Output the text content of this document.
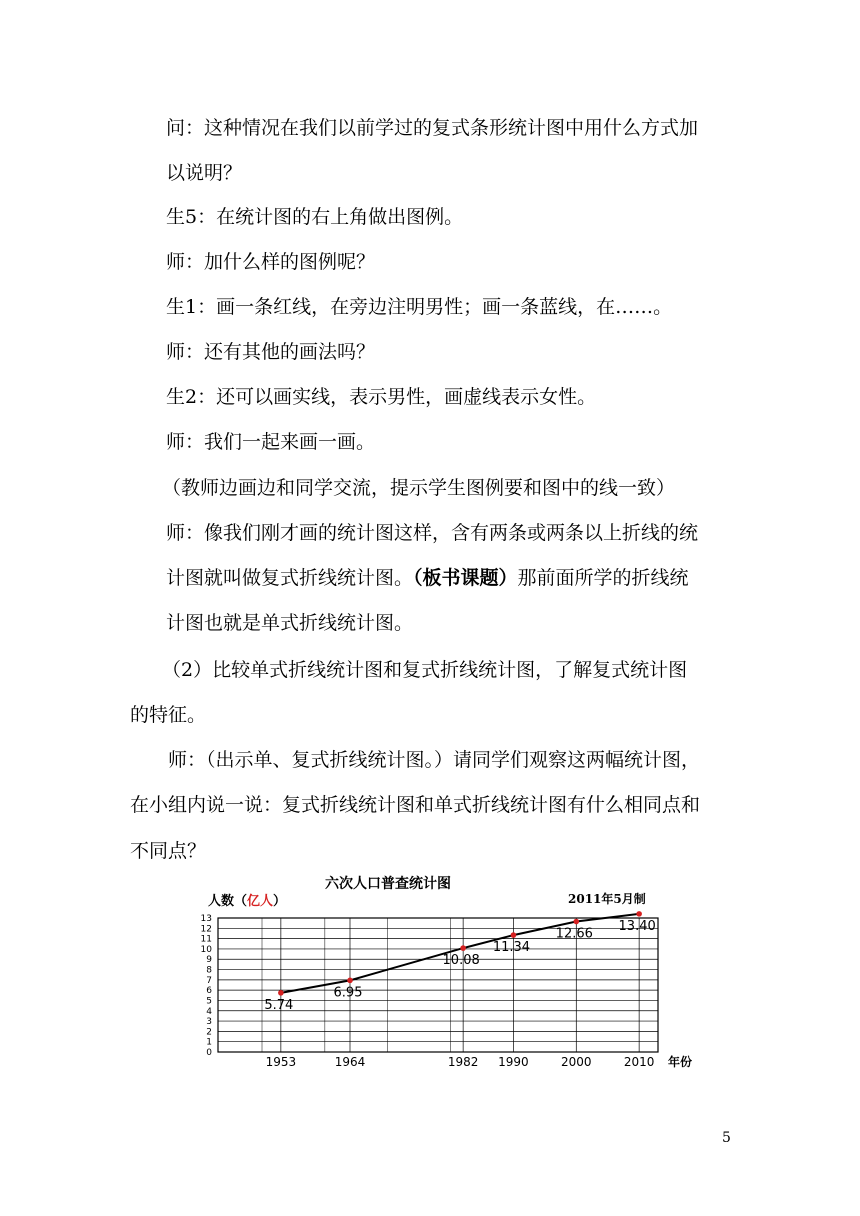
问：这种情况在我们以前学过的复式条形统计图中用什么方式加
以说明？
生5：在统计图的右上角做出图例。
师：加什么样的图例呢？
生1：画一条红线，在旁边注明男性；画一条蓝线，在……。
师：还有其他的画法吗？
生2：还可以画实线，表示男性，画虚线表示女性。
师：我们一起来画一画。
（教师边画边和同学交流，提示学生图例要和图中的线一致）
师：像我们刚才画的统计图这样，含有两条或两条以上折线的统
计图就叫做复式折线统计图。（板书课题）那前面所学的折线统
计图也就是单式折线统计图。
（2）比较单式折线统计图和复式折线统计图，了解复式统计图
的特征。
师：（出示单、复式折线统计图。）请同学们观察这两幅统计图，
在小组内说一说：复式折线统计图和单式折线统计图有什么相同点和
不同点？
六次人口普查统计图
人数（亿人）	2011年5月制
0
1
2
3
4
5
6
7
8
9
10
11
12
13
1953	1964	1982 1990	2000	2010 年份
5.74
6.95
10.08
11.34
12.66
13.40
5
